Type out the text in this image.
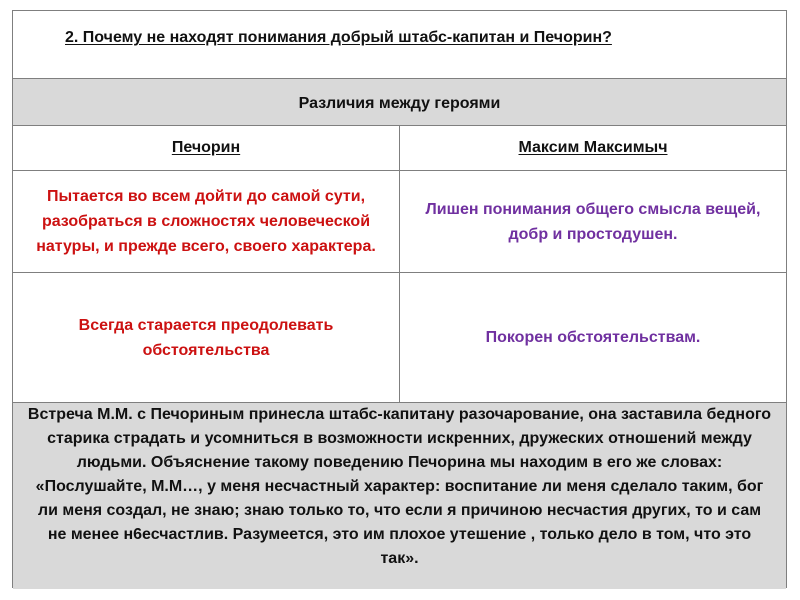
2. Почему не находят понимания добрый штабс-капитан и Печорин?
Различия между героями
Печорин	Максим Максимыч
Пытается во всем дойти до самой сути, разобраться в сложностях человеческой натуры, и прежде всего, своего характера.
Лишен понимания общего смысла вещей, добр и простодушен.
Всегда старается преодолевать обстоятельства
Покорен обстоятельствам.
Встреча М.М. с Печориным принесла штабс-капитану разочарование, она заставила бедного старика страдать и усомниться в возможности искренних, дружеских отношений между людьми. Объяснение такому поведению Печорина мы находим в его же словах: «Послушайте, М.М…, у меня несчастный характер: воспитание ли меня сделало таким, бог ли меня создал, не знаю; знаю только то, что если я причиною несчастия других, то и сам не менее н6есчастлив. Разумеется, это им плохое утешение , только дело в том, что это так».
